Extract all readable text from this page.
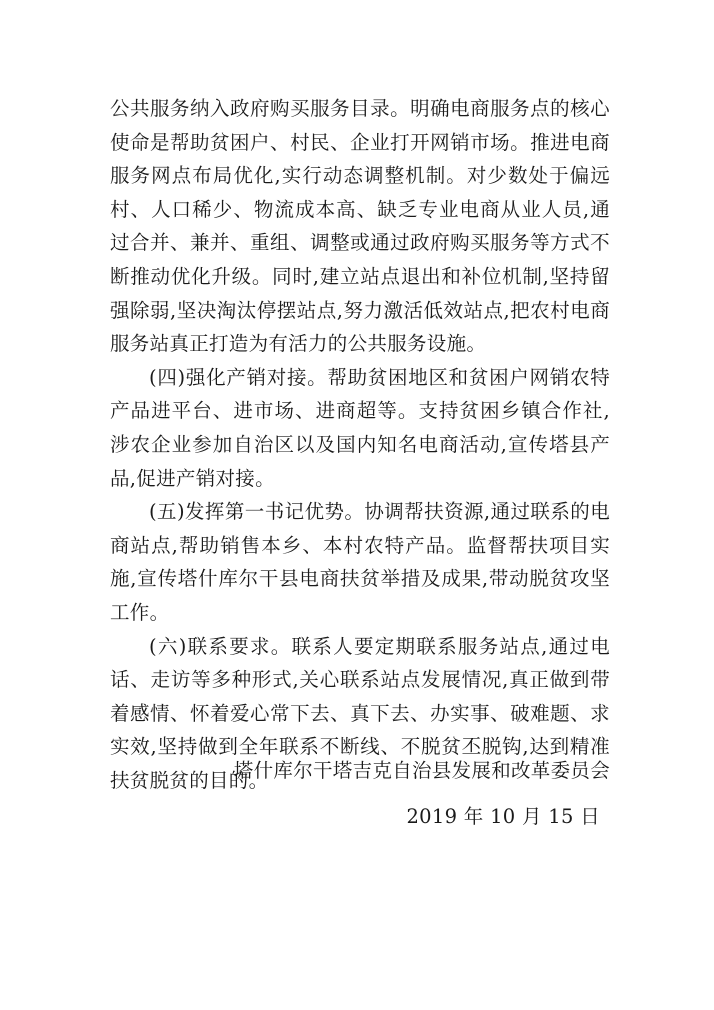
公共服务纳入政府购买服务目录。明确电商服务点的核心使命是帮助贫困户、村民、企业打开网销市场。推进电商服务网点布局优化,实行动态调整机制。对少数处于偏远村、人口稀少、物流成本高、缺乏专业电商从业人员,通过合并、兼并、重组、调整或通过政府购买服务等方式不断推动优化升级。同时,建立站点退出和补位机制,坚持留强除弱,坚决淘汰停摆站点,努力激活低效站点,把农村电商服务站真正打造为有活力的公共服务设施。

(四)强化产销对接。帮助贫困地区和贫困户网销农特产品进平台、进市场、进商超等。支持贫困乡镇合作社,涉农企业参加自治区以及国内知名电商活动,宣传塔县产品,促进产销对接。

(五)发挥第一书记优势。协调帮扶资源,通过联系的电商站点,帮助销售本乡、本村农特产品。监督帮扶项目实施,宣传塔什库尔干县电商扶贫举措及成果,带动脱贫攻坚工作。

(六)联系要求。联系人要定期联系服务站点,通过电话、走访等多种形式,关心联系站点发展情况,真正做到带着感情、怀着爱心常下去、真下去、办实事、破难题、求实效,坚持做到全年联系不断线、不脱贫丕脱钩,达到精准扶贫脱贫的目的。

塔什库尔干塔吉克自治县发展和改革委员会
2019 年 10 月 15 日
